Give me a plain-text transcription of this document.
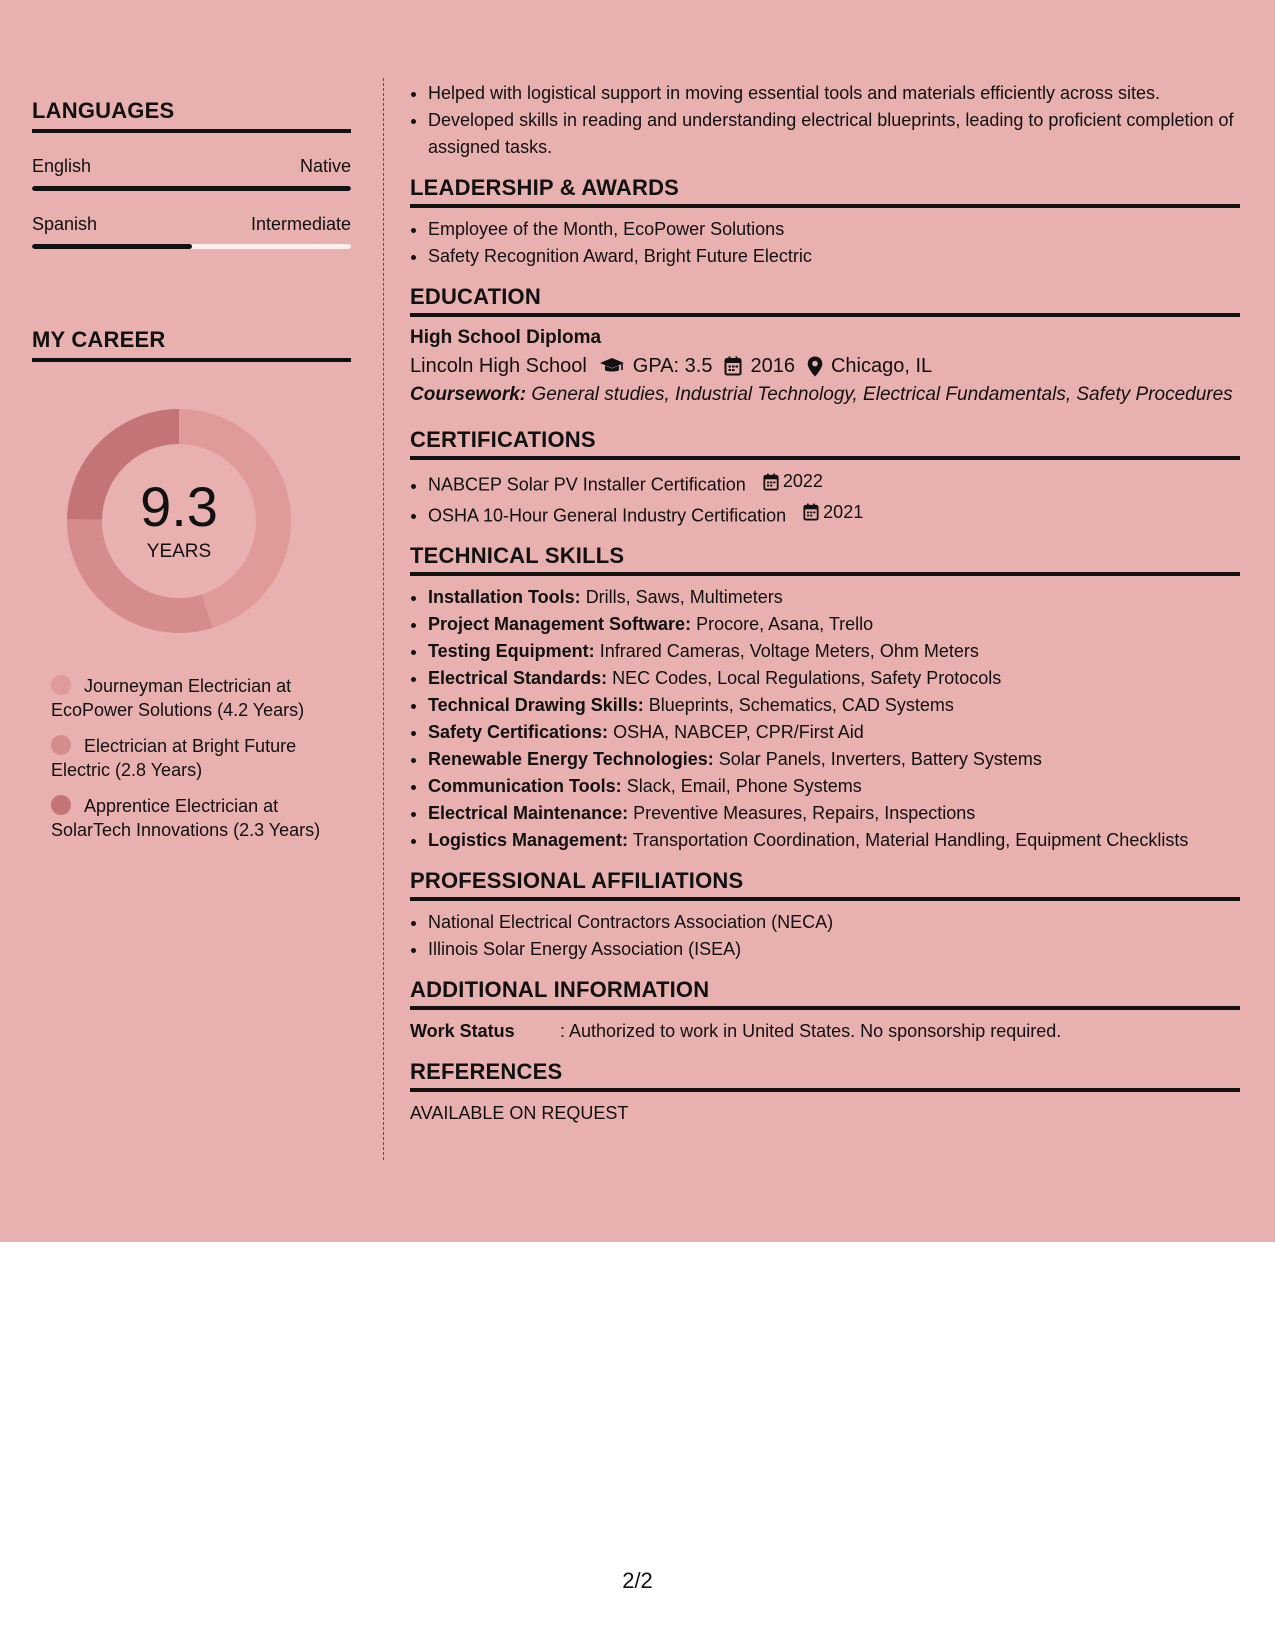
LANGUAGES
English	Native
Spanish	Intermediate
MY CAREER
9.3
YEARS
Journeyman Electrician at EcoPower Solutions (4.2 Years)
Electrician at Bright Future Electric (2.8 Years)
Apprentice Electrician at SolarTech Innovations (2.3 Years)
• Helped with logistical support in moving essential tools and materials efficiently across sites.
• Developed skills in reading and understanding electrical blueprints, leading to proficient completion of assigned tasks.
LEADERSHIP & AWARDS
• Employee of the Month, EcoPower Solutions
• Safety Recognition Award, Bright Future Electric
EDUCATION
High School Diploma
Lincoln High School GPA: 3.5 2016 Chicago, IL
Coursework: General studies, Industrial Technology, Electrical Fundamentals, Safety Procedures
CERTIFICATIONS
• NABCEP Solar PV Installer Certification 2022
• OSHA 10-Hour General Industry Certification 2021
TECHNICAL SKILLS
• Installation Tools: Drills, Saws, Multimeters
• Project Management Software: Procore, Asana, Trello
• Testing Equipment: Infrared Cameras, Voltage Meters, Ohm Meters
• Electrical Standards: NEC Codes, Local Regulations, Safety Protocols
• Technical Drawing Skills: Blueprints, Schematics, CAD Systems
• Safety Certifications: OSHA, NABCEP, CPR/First Aid
• Renewable Energy Technologies: Solar Panels, Inverters, Battery Systems
• Communication Tools: Slack, Email, Phone Systems
• Electrical Maintenance: Preventive Measures, Repairs, Inspections
• Logistics Management: Transportation Coordination, Material Handling, Equipment Checklists
PROFESSIONAL AFFILIATIONS
• National Electrical Contractors Association (NECA)
• Illinois Solar Energy Association (ISEA)
ADDITIONAL INFORMATION
Work Status	: Authorized to work in United States. No sponsorship required.
REFERENCES
AVAILABLE ON REQUEST
2/2
